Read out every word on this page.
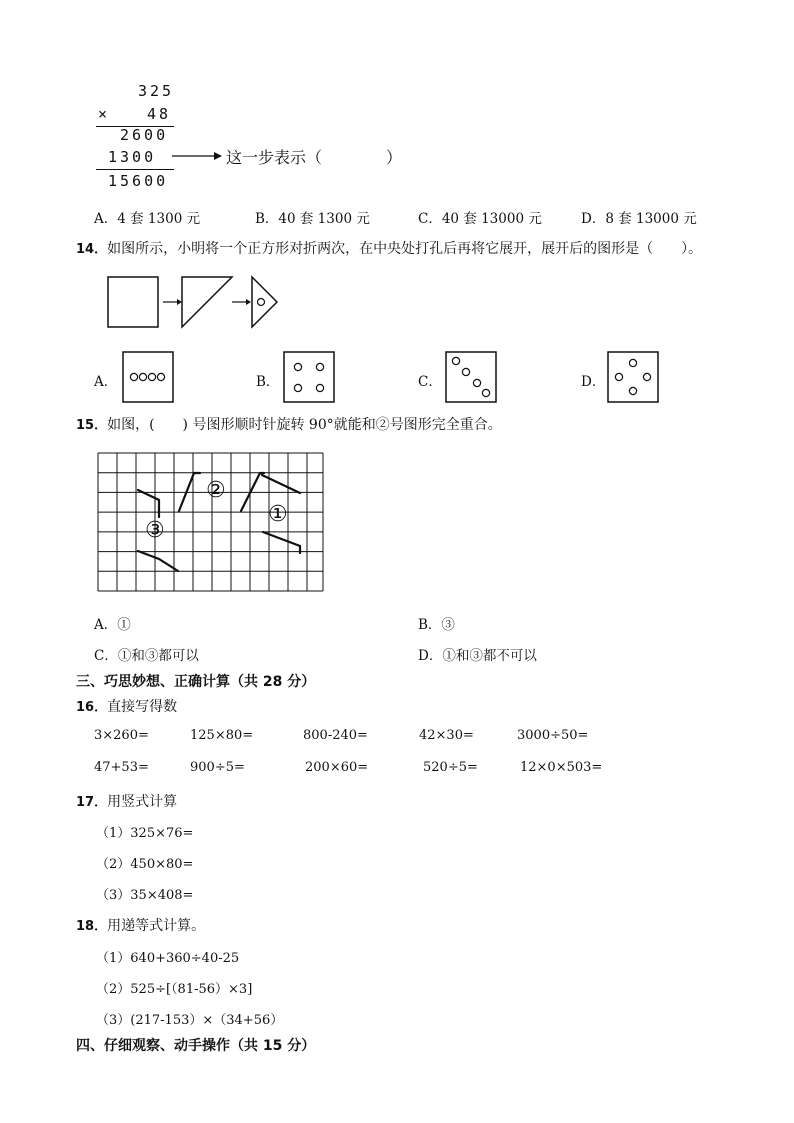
325
× 48
2600
1300	这一步表示（　　　　）
15600
A．4 套 1300 元	B．40 套 1300 元	C．40 套 13000 元	D．8 套 13000 元
14．如图所示，小明将一个正方形对折两次，在中央处打孔后再将它展开，展开后的图形是（　　）。
A．	B．	C．	D．
15．如图，(　　) 号图形顺时针旋转 90°就能和②号图形完全重合。
③
②
①
A．①	B．③
C．①和③都可以	D．①和③都不可以
三、巧思妙想、正确计算（共 28 分）
16．直接写得数
3×260=	125×80=	800-240=	42×30=	3000÷50=
47+53=	900÷5=	200×60=	520÷5=	12×0×503=
17．用竖式计算
（1）325×76=
（2）450×80=
（3）35×408=
18．用递等式计算。
（1）640+360÷40-25
（2）525÷[（81-56）×3]
（3）(217-153）×（34+56）
四、仔细观察、动手操作（共 15 分）
